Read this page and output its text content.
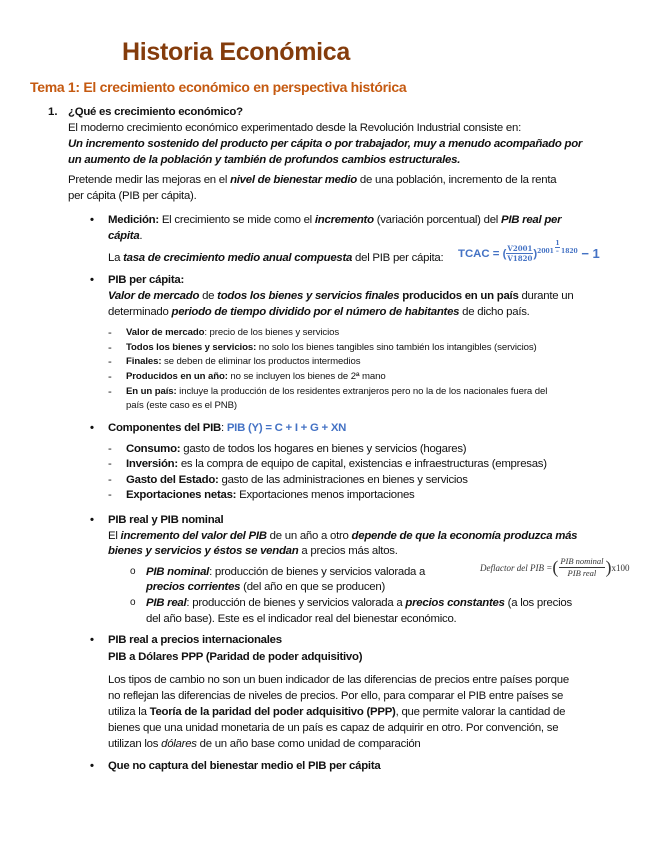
Historia Económica
Tema 1: El crecimiento económico en perspectiva histórica
1.
TCAC = ( $\frac{V2001}{V1820}$ ) $\frac{1}{2001 - 1820} - 1$
Deflactor del PIB = ( $\frac{\text{PIB nominal}}{\text{PIB real}}$ ) x100
¿Qué es crecimiento económico?
El moderno crecimiento económico experimentado desde la Revolución Industrial consiste en:
Un incremento sostenido del producto per cápita o por trabajador, muy a menudo acompañado por
un aumento de la población y también de profundos cambios estructurales.
Pretende medir las mejoras en el nivel de bienestar medio de una población, incremento de la renta
per cápita (PIB per cápita).
Medición: El crecimiento se mide como el incremento (variación porcentual) del PIB real per
•
cápita.
La tasa de crecimiento medio anual compuesta del PIB per cápita:
PIB per cápita:
•
Valor de mercado de todos los bienes y servicios finales producidos en un país durante un
determinado periodo de tiempo dividido por el número de habitantes de dicho país.
Valor de mercado: precio de los bienes y servicios
-
Todos los bienes y servicios: no solo los bienes tangibles sino también los intangibles (servicios)
-
Finales: se deben de eliminar los productos intermedios
-
Producidos en un año: no se incluyen los bienes de 2ª mano
-
En un país: incluye la producción de los residentes extranjeros pero no la de los nacionales fuera del
-
país (este caso es el PNB)
Componentes del PIB: PIB (Y) = C + I + G + XN
•
Consumo: gasto de todos los hogares en bienes y servicios (hogares)
-
Inversión: es la compra de equipo de capital, existencias e infraestructuras (empresas)
-
Gasto del Estado: gasto de las administraciones en bienes y servicios
-
Exportaciones netas: Exportaciones menos importaciones
-
PIB real y PIB nominal
•
El incremento del valor del PIB de un año a otro depende de que la economía produzca más
bienes y servicios y éstos se vendan a precios más altos.
PIB nominal: producción de bienes y servicios valorada a
o
precios corrientes (del año en que se producen)
PIB real: producción de bienes y servicios valorada a precios constantes (a los precios
o
del año base). Este es el indicador real del bienestar económico.
PIB real a precios internacionales
•
PIB a Dólares PPP (Paridad de poder adquisitivo)
Los tipos de cambio no son un buen indicador de las diferencias de precios entre países porque
no reflejan las diferencias de niveles de precios. Por ello, para comparar el PIB entre países se
utiliza la Teoría de la paridad del poder adquisitivo (PPP), que permite valorar la cantidad de
bienes que una unidad monetaria de un país es capaz de adquirir en otro. Por convención, se
utilizan los dólares de un año base como unidad de comparación
Que no captura del bienestar medio el PIB per cápita
•
